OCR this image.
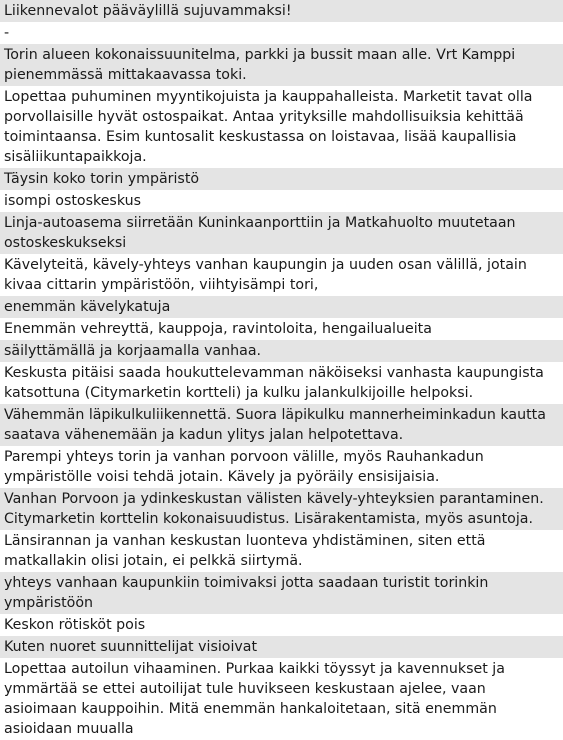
Liikennevalot pääväylillä sujuvammaksi!
-
Torin alueen kokonaissuunitelma, parkki ja bussit maan alle. Vrt Kamppi pienemmässä mittakaavassa toki.
Lopettaa puhuminen myyntikojuista ja kauppahalleista. Marketit tavat olla porvollaisille hyvät ostospaikat. Antaa yrityksille mahdollisuiksia kehittää toimintaansa. Esim kuntosalit keskustassa on loistavaa, lisää kaupallisia sisäliikuntapaikkoja.
Täysin koko torin ympäristö
isompi ostoskeskus
Linja-autoasema siirretään Kuninkaanporttiin ja Matkahuolto muutetaan ostoskeskukseksi
Kävelyteitä, kävely-yhteys vanhan kaupungin ja uuden osan välillä, jotain kivaa cittarin ympäristöön, viihtyisämpi tori,
enemmän kävelykatuja
Enemmän vehreyttä, kauppoja, ravintoloita, hengailualueita
säilyttämällä ja korjaamalla vanhaa.
Keskusta pitäisi saada houkuttelevamman näköiseksi vanhasta kaupungista katsottuna (Citymarketin kortteli) ja kulku jalankulkijoille helpoksi.
Vähemmän läpikulkuliikennettä. Suora läpikulku mannerheiminkadun kautta saatava vähenemään ja kadun ylitys jalan helpotettava.
Parempi yhteys torin ja vanhan porvoon välille, myös Rauhankadun ympäristölle voisi tehdä jotain. Kävely ja pyöräily ensisijaisia.
Vanhan Porvoon ja ydinkeskustan välisten kävely-yhteyksien parantaminen. Citymarketin korttelin kokonaisuudistus. Lisärakentamista, myös asuntoja.
Länsirannan ja vanhan keskustan luonteva yhdistäminen, siten että matkallakin olisi jotain, ei pelkkä siirtymä.
yhteys vanhaan kaupunkiin toimivaksi jotta saadaan turistit torinkin ympäristöön
Keskon rötisköt pois
Kuten nuoret suunnittelijat visioivat
Lopettaa autoilun vihaaminen. Purkaa kaikki töyssyt ja kavennukset ja ymmärtää se ettei autoilijat tule huvikseen keskustaan ajelee, vaan asioimaan kauppoihin. Mitä enemmän hankaloitetaan, sitä enemmän asioidaan muualla
